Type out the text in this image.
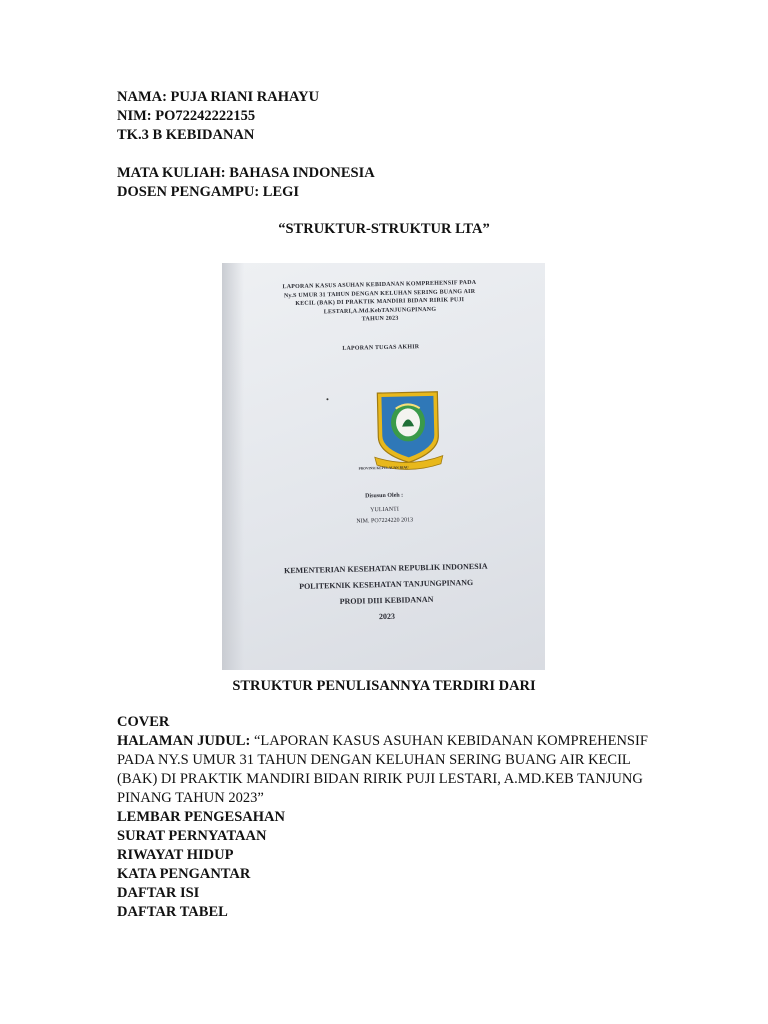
NAMA: PUJA RIANI RAHAYU
NIM: PO72242222155
TK.3 B KEBIDANAN
MATA KULIAH: BAHASA INDONESIA
DOSEN PENGAMPU: LEGI
“STRUKTUR-STRUKTUR LTA”
LAPORAN KASUS ASUHAN KEBIDANAN KOMPREHENSIF PADA
Ny.S UMUR 31 TAHUN DENGAN KELUHAN SERING BUANG AIR
KECIL (BAK) DI PRAKTIK MANDIRI BIDAN RIRIK PUJI
LESTARI,A.Md.KebTANJUNGPINANG
TAHUN 2023
LAPORAN TUGAS AKHIR
PROVINSI KEPULAUAN RIAU
Disusun Oleh :
YULIANTI
NIM. PO7224220 2013
KEMENTERIAN KESEHATAN REPUBLIK INDONESIA
POLITEKNIK KESEHATAN TANJUNGPINANG
PRODI DIII KEBIDANAN
2023
STRUKTUR PENULISANNYA TERDIRI DARI
COVER
HALAMAN JUDUL: “LAPORAN KASUS ASUHAN KEBIDANAN KOMPREHENSIF PADA NY.S UMUR 31 TAHUN DENGAN KELUHAN SERING BUANG AIR KECIL (BAK) DI PRAKTIK MANDIRI BIDAN RIRIK PUJI LESTARI, A.MD.KEB TANJUNG PINANG TAHUN 2023”
LEMBAR PENGESAHAN
SURAT PERNYATAAN
RIWAYAT HIDUP
KATA PENGANTAR
DAFTAR ISI
DAFTAR TABEL
